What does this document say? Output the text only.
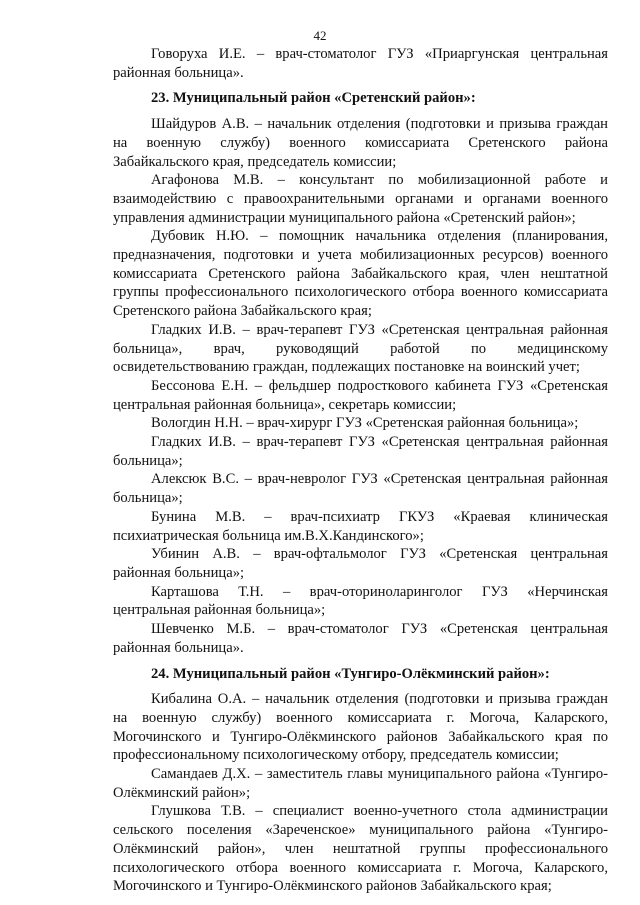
42

Говоруха И.Е. – врач-стоматолог ГУЗ «Приаргунская центральная районная больница».

23. Муниципальный район «Сретенский район»:

Шайдуров А.В. – начальник отделения (подготовки и призыва граждан на военную службу) военного комиссариата Сретенского района Забайкальского края, председатель комиссии;

Агафонова М.В. – консультант по мобилизационной работе и взаимодействию с правоохранительными органами и органами военного управления администрации муниципального района «Сретенский район»;

Дубовик Н.Ю. – помощник начальника отделения (планирования, предназначения, подготовки и учета мобилизационных ресурсов) военного комиссариата Сретенского района Забайкальского края, член нештатной группы профессионального психологического отбора военного комиссариата Сретенского района Забайкальского края;

Гладких И.В. – врач-терапевт ГУЗ «Сретенская центральная районная больница», врач, руководящий работой по медицинскому освидетельствованию граждан, подлежащих постановке на воинский учет;

Бессонова Е.Н. – фельдшер подросткового кабинета ГУЗ «Сретенская центральная районная больница», секретарь комиссии;

Вологдин Н.Н. – врач-хирург ГУЗ «Сретенская районная больница»;

Гладких И.В. – врач-терапевт ГУЗ «Сретенская центральная районная больница»;

Алексюк В.С. – врач-невролог ГУЗ «Сретенская центральная районная больница»;

Бунина М.В. – врач-психиатр ГКУЗ «Краевая клиническая психиатрическая больница им.В.Х.Кандинского»;

Убинин А.В. – врач-офтальмолог ГУЗ «Сретенская центральная районная больница»;

Карташова Т.Н. – врач-оториноларинголог ГУЗ «Нерчинская центральная районная больница»;

Шевченко М.Б. – врач-стоматолог ГУЗ «Сретенская центральная районная больница».

24. Муниципальный район «Тунгиро-Олёкминский район»:

Кибалина О.А. – начальник отделения (подготовки и призыва граждан на военную службу) военного комиссариата г. Могоча, Каларского, Могочинского и Тунгиро-Олёкминского районов Забайкальского края по профессиональному психологическому отбору, председатель комиссии;

Самандаев Д.Х. – заместитель главы муниципального района «Тунгиро-Олёкминский район»;

Глушкова Т.В. – специалист военно-учетного стола администрации сельского поселения «Зареченское» муниципального района «Тунгиро-Олёкминский район», член нештатной группы профессионального психологического отбора военного комиссариата г. Могоча, Каларского, Могочинского и Тунгиро-Олёкминского районов Забайкальского края;
